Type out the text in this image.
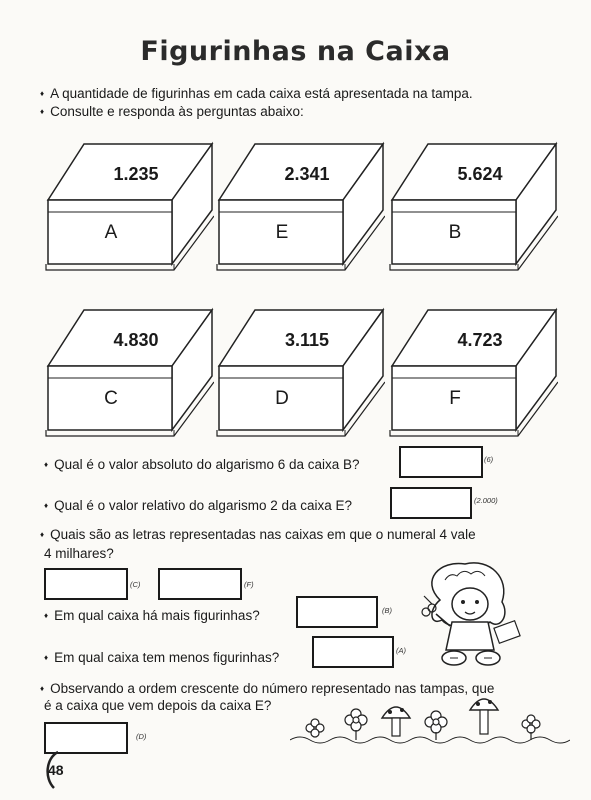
Figurinhas na Caixa
♦ A quantidade de figurinhas em cada caixa está apresentada na tampa.
♦ Consulte e responda às perguntas abaixo:
1.235
A
2.341
E
5.624
B
4.830
C
3.115
D
4.723
F
♦ Qual é o valor absoluto do algarismo 6 da caixa B?	(6)
♦ Qual é o valor relativo do algarismo 2 da caixa E?	(2.000)
♦ Quais são as letras representadas nas caixas em que o numeral 4 vale
4 milhares?
(C)	(F)
♦ Em qual caixa há mais figurinhas?	(B)
♦ Em qual caixa tem menos figurinhas?	(A)
♦ Observando a ordem crescente do número representado nas tampas, que
é a caixa que vem depois da caixa E?
(D)
48
